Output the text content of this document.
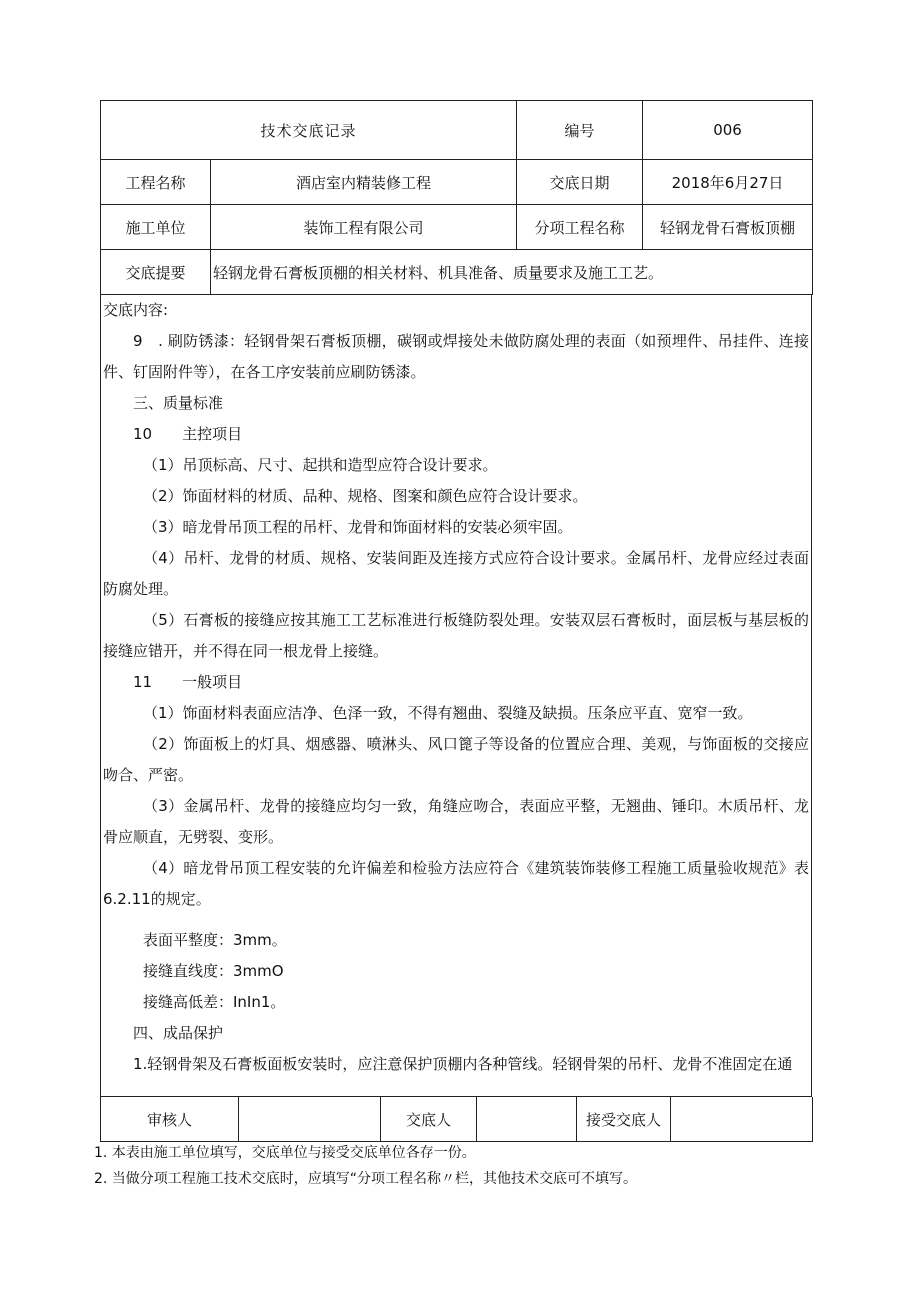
技术交底记录		编号	006
工程名称	酒店室内精装修工程	交底日期	2018年6月27日
施工单位	装饰工程有限公司	分项工程名称	轻钢龙骨石膏板顶棚
交底提要	轻钢龙骨石膏板顶棚的相关材料、机具准备、质量要求及施工工艺。		

交底内容:

9　. 刷防锈漆：轻钢骨架石膏板顶棚，碳钢或焊接处未做防腐处理的表面（如预埋件、吊挂件、连接件、钉固附件等），在各工序安装前应刷防锈漆。

三、质量标准

10　　主控项目

（1）吊顶标高、尺寸、起拱和造型应符合设计要求。

（2）饰面材料的材质、品种、规格、图案和颜色应符合设计要求。

（3）暗龙骨吊顶工程的吊杆、龙骨和饰面材料的安装必须牢固。

（4）吊杆、龙骨的材质、规格、安装间距及连接方式应符合设计要求。金属吊杆、龙骨应经过表面防腐处理。

（5）石膏板的接缝应按其施工工艺标准进行板缝防裂处理。安装双层石膏板时，面层板与基层板的接缝应错开，并不得在同一根龙骨上接缝。

11　　一般项目

（1）饰面材料表面应洁净、色泽一致，不得有翘曲、裂缝及缺损。压条应平直、宽窄一致。

（2）饰面板上的灯具、烟感器、喷淋头、风口篦子等设备的位置应合理、美观，与饰面板的交接应吻合、严密。

（3）金属吊杆、龙骨的接缝应均匀一致，角缝应吻合，表面应平整，无翘曲、锤印。木质吊杆、龙骨应顺直，无劈裂、变形。

（4）暗龙骨吊顶工程安装的允许偏差和检验方法应符合《建筑装饰装修工程施工质量验收规范》表6.2.11的规定。

表面平整度：3mm。

接缝直线度：3mmO

接缝高低差：InIn1。

四、成品保护

1.轻钢骨架及石膏板面板安装时，应注意保护顶棚内各种管线。轻钢骨架的吊杆、龙骨不准固定在通

审核人		交底人		接受交底人	

1. 本表由施工单位填写，交底单位与接受交底单位各存一份。

2. 当做分项工程施工技术交底时，应填写“分项工程名称〃栏，其他技术交底可不填写。
